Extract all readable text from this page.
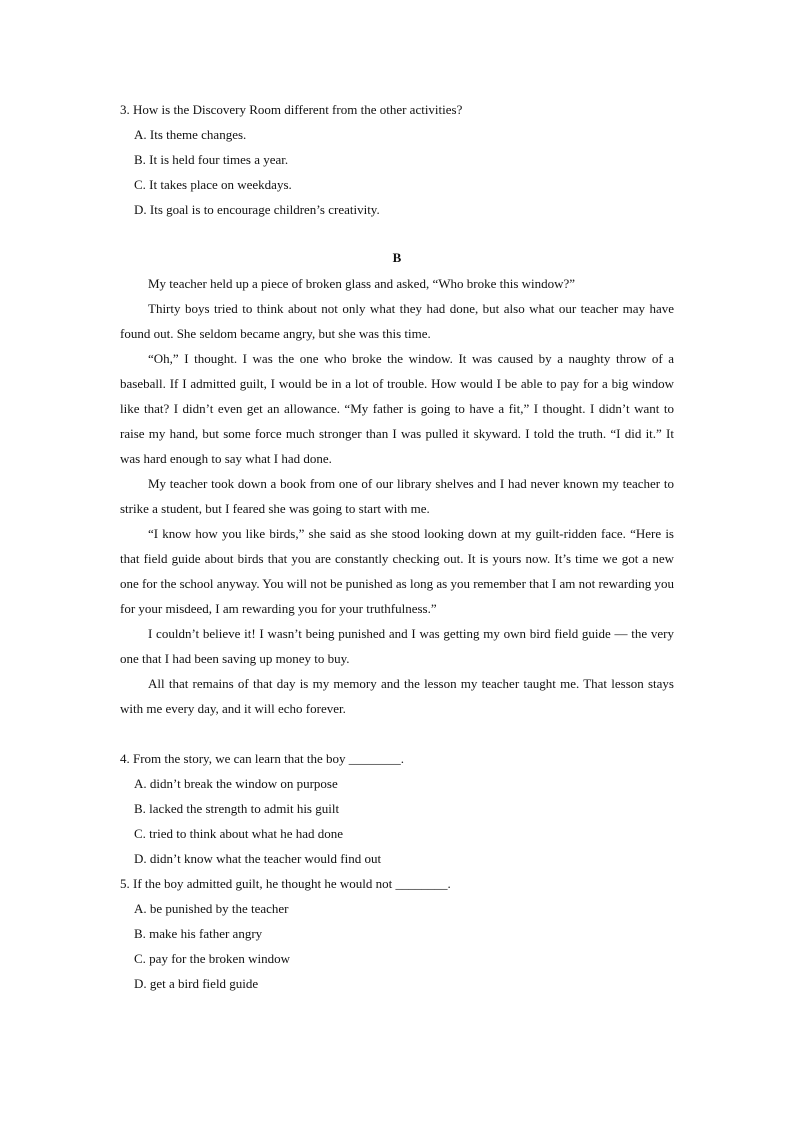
3. How is the Discovery Room different from the other activities?
A. Its theme changes.
B. It is held four times a year.
C. It takes place on weekdays.
D. Its goal is to encourage children’s creativity.
B

My teacher held up a piece of broken glass and asked, “Who broke this window?”

Thirty boys tried to think about not only what they had done, but also what our teacher may have found out. She seldom became angry, but she was this time.

“Oh,” I thought. I was the one who broke the window. It was caused by a naughty throw of a baseball. If I admitted guilt, I would be in a lot of trouble. How would I be able to pay for a big window like that? I didn’t even get an allowance. “My father is going to have a fit,” I thought. I didn’t want to raise my hand, but some force much stronger than I was pulled it skyward. I told the truth. “I did it.” It was hard enough to say what I had done.

My teacher took down a book from one of our library shelves and I had never known my teacher to strike a student, but I feared she was going to start with me.

“I know how you like birds,” she said as she stood looking down at my guilt-ridden face. “Here is that field guide about birds that you are constantly checking out. It is yours now. It’s time we got a new one for the school anyway. You will not be punished as long as you remember that I am not rewarding you for your misdeed, I am rewarding you for your truthfulness.”

I couldn’t believe it! I wasn’t being punished and I was getting my own bird field guide — the very one that I had been saving up money to buy.

All that remains of that day is my memory and the lesson my teacher taught me. That lesson stays with me every day, and it will echo forever.

4. From the story, we can learn that the boy ________.
A. didn’t break the window on purpose
B. lacked the strength to admit his guilt
C. tried to think about what he had done
D. didn’t know what the teacher would find out
5. If the boy admitted guilt, he thought he would not ________.
A. be punished by the teacher
B. make his father angry
C. pay for the broken window
D. get a bird field guide
